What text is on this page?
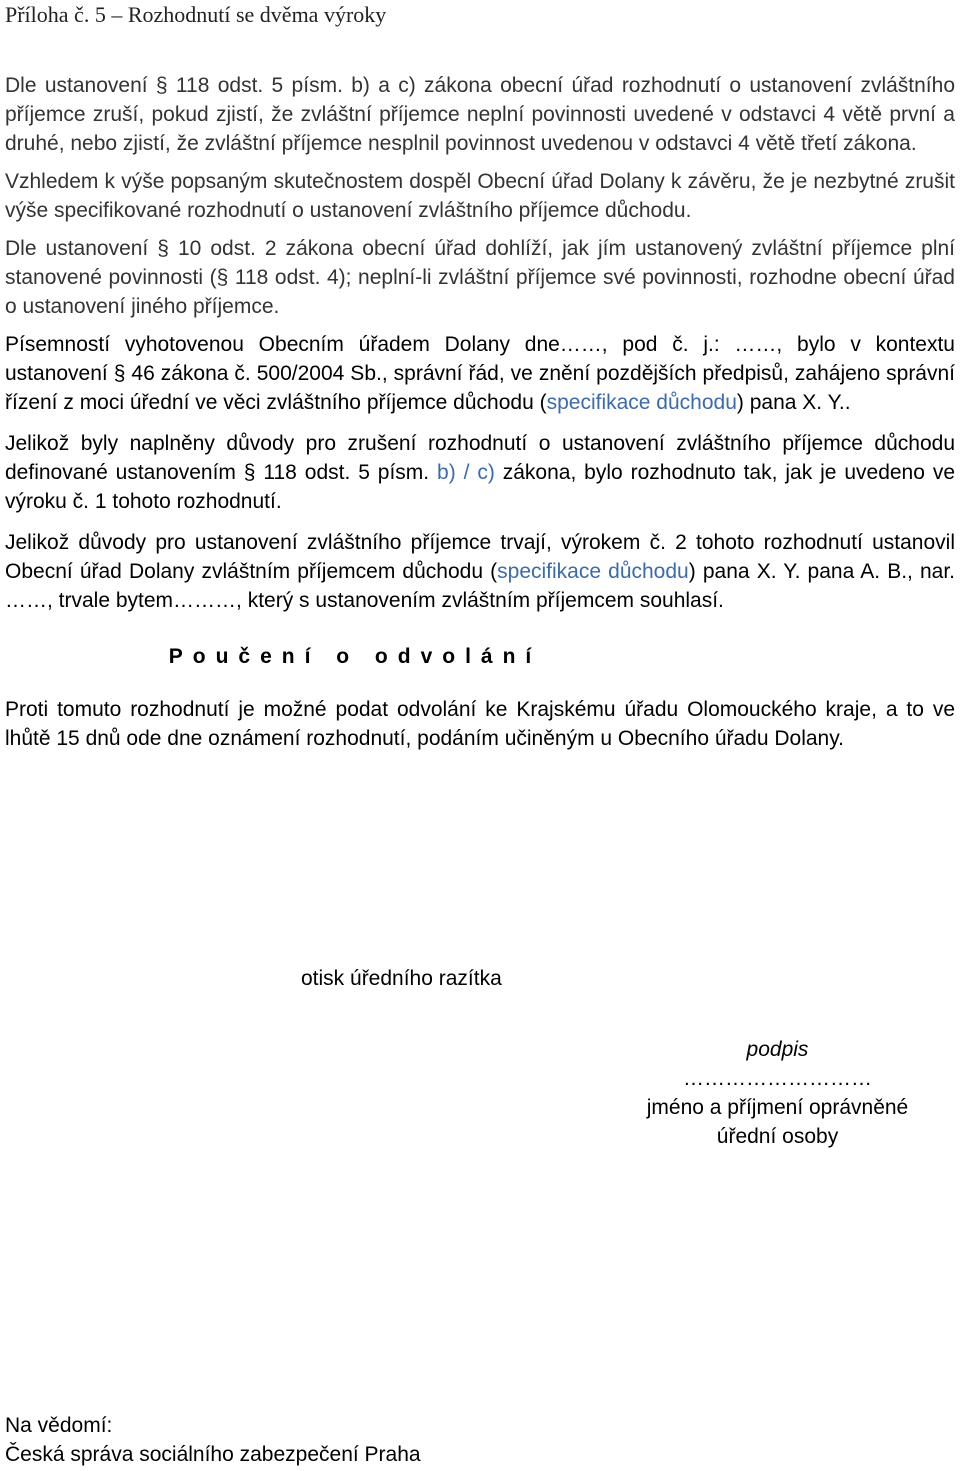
Příloha č. 5 – Rozhodnutí se dvěma výroky

Dle ustanovení § 118 odst. 5 písm. b) a c) zákona obecní úřad rozhodnutí o ustanovení zvláštního příjemce zruší, pokud zjistí, že zvláštní příjemce neplní povinnosti uvedené v odstavci 4 větě první a druhé, nebo zjistí, že zvláštní příjemce nesplnil povinnost uvedenou v odstavci 4 větě třetí zákona.

Vzhledem k výše popsaným skutečnostem dospěl Obecní úřad Dolany k závěru, že je nezbytné zrušit výše specifikované rozhodnutí o ustanovení zvláštního příjemce důchodu.

Dle ustanovení § 10 odst. 2 zákona obecní úřad dohlíží, jak jím ustanovený zvláštní příjemce plní stanovené povinnosti (§ 118 odst. 4); neplní-li zvláštní příjemce své povinnosti, rozhodne obecní úřad o ustanovení jiného příjemce.

Písemností vyhotovenou Obecním úřadem Dolany dne……, pod č. j.: ……, bylo v kontextu ustanovení § 46 zákona č. 500/2004 Sb., správní řád, ve znění pozdějších předpisů, zahájeno správní řízení z moci úřední ve věci zvláštního příjemce důchodu (specifikace důchodu) pana X. Y..

Jelikož byly naplněny důvody pro zrušení rozhodnutí o ustanovení zvláštního příjemce důchodu definované ustanovením § 118 odst. 5 písm. b) / c) zákona, bylo rozhodnuto tak, jak je uvedeno ve výroku č. 1 tohoto rozhodnutí.

Jelikož důvody pro ustanovení zvláštního příjemce trvají, výrokem č. 2 tohoto rozhodnutí ustanovil Obecní úřad Dolany zvláštním příjemcem důchodu (specifikace důchodu) pana X. Y. pana A. B., nar. ……, trvale bytem………, který s ustanovením zvláštním příjemcem souhlasí.

Poučení o odvolání

Proti tomuto rozhodnutí je možné podat odvolání ke Krajskému úřadu Olomouckého kraje, a to ve lhůtě 15 dnů ode dne oznámení rozhodnutí, podáním učiněným u Obecního úřadu Dolany.

otisk úředního razítka
podpis
………………………
jméno a příjmení oprávněné
úřední osoby
Na vědomí:
Česká správa sociálního zabezpečení Praha
